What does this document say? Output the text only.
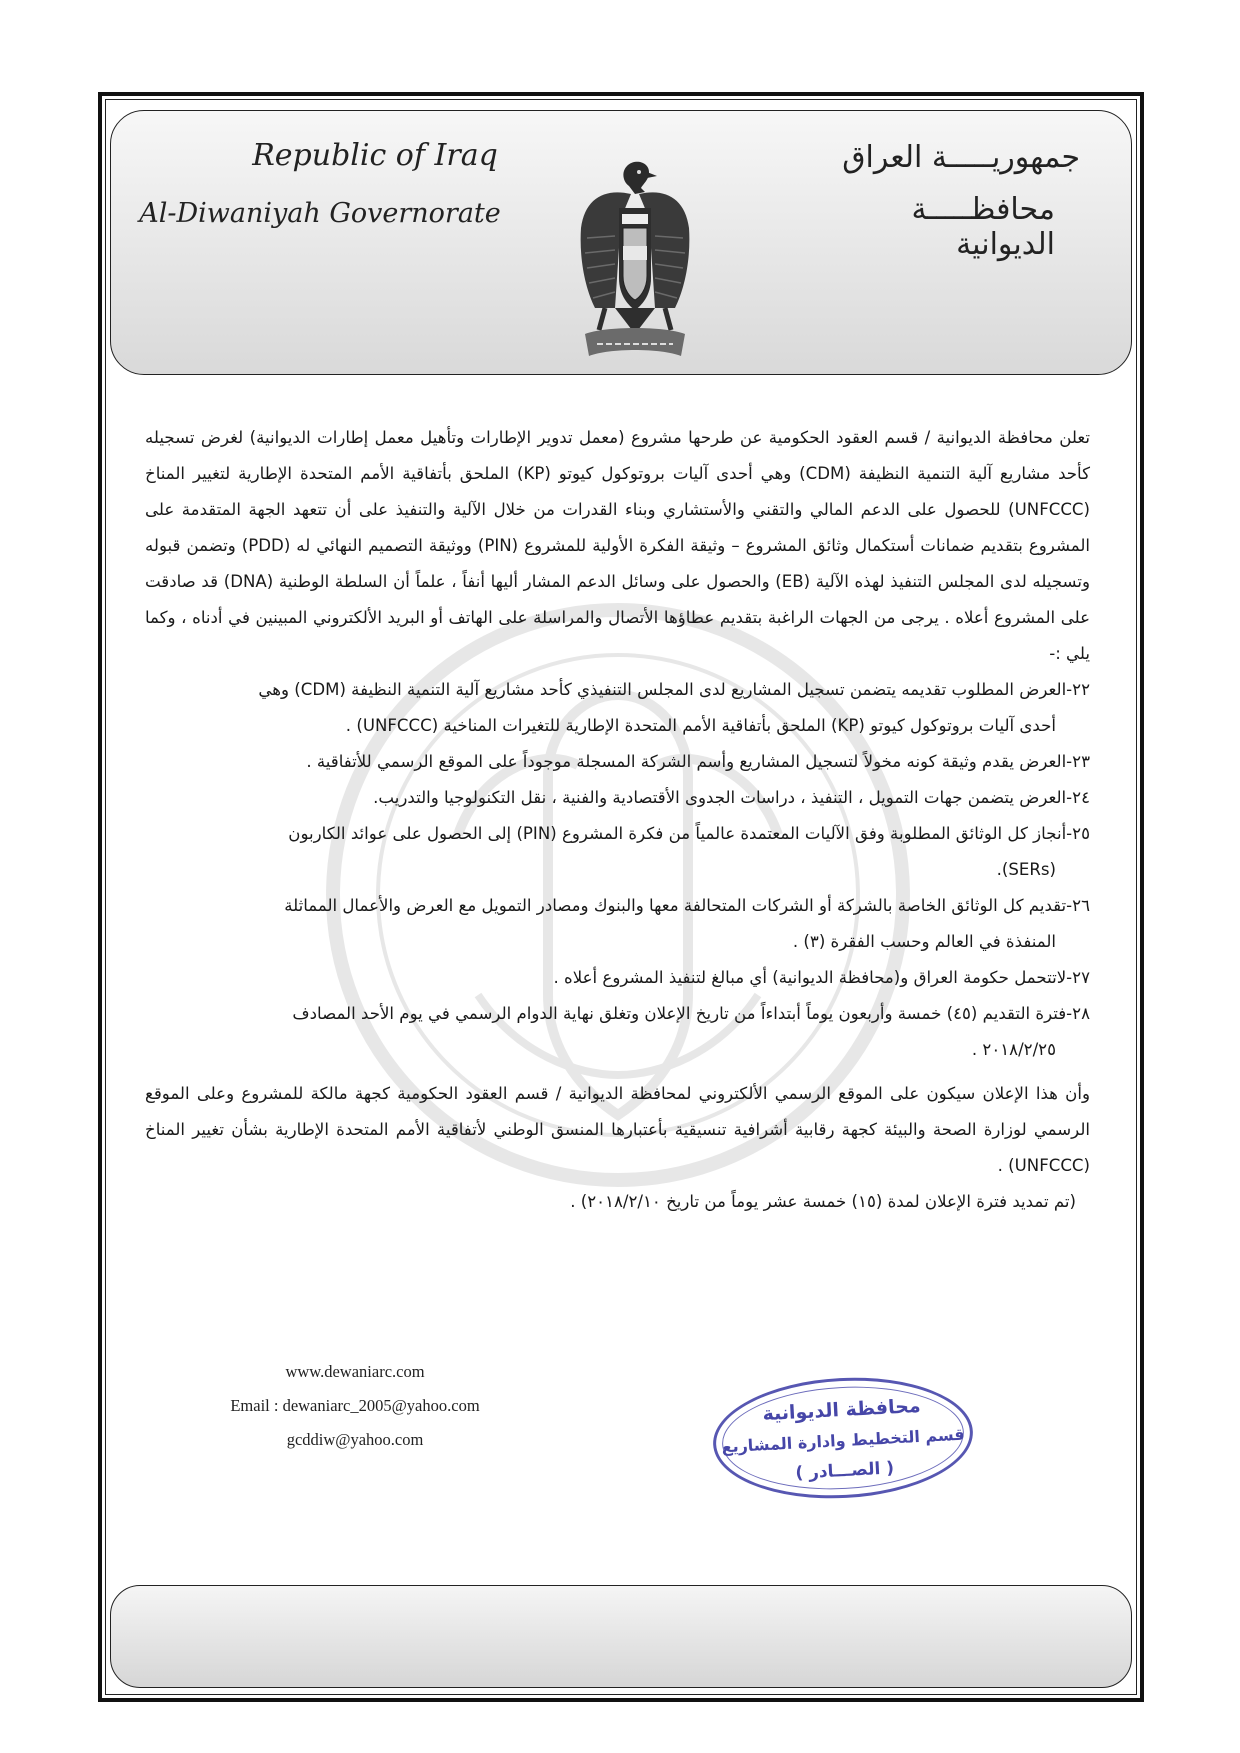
Republic of Iraq
Al-Diwaniyah Governorate
جمهوريـــــة العراق
محافظـــــة الديوانية

تعلن محافظة الديوانية / قسم العقود الحكومية عن طرحها مشروع (معمل تدوير الإطارات وتأهيل معمل إطارات الديوانية) لغرض تسجيله كأحد مشاريع آلية التنمية النظيفة (CDM) وهي أحدى آليات بروتوكول كيوتو (KP) الملحق بأتفاقية الأمم المتحدة الإطارية لتغيير المناخ (UNFCCC) للحصول على الدعم المالي والتقني والأستشاري وبناء القدرات من خلال الآلية والتنفيذ على أن تتعهد الجهة المتقدمة على المشروع بتقديم ضمانات أستكمال وثائق المشروع – وثيقة الفكرة الأولية للمشروع (PIN) ووثيقة التصميم النهائي له (PDD) وتضمن قبوله وتسجيله لدى المجلس التنفيذ لهذه الآلية (EB) والحصول على وسائل الدعم المشار أليها أنفاً ، علماً أن السلطة الوطنية (DNA) قد صادقت على المشروع أعلاه . يرجى من الجهات الراغبة بتقديم عطاؤها الأتصال والمراسلة على الهاتف أو البريد الألكتروني المبينين في أدناه ، وكما يلي :-

٢٢-العرض المطلوب تقديمه يتضمن تسجيل المشاريع لدى المجلس التنفيذي كأحد مشاريع آلية التنمية النظيفة (CDM) وهي

أحدى آليات بروتوكول كيوتو (KP) الملحق بأتفاقية الأمم المتحدة الإطارية للتغيرات المناخية (UNFCCC) .

٢٣-العرض يقدم وثيقة كونه مخولاً لتسجيل المشاريع وأسم الشركة المسجلة موجوداً على الموقع الرسمي للأتفاقية .

٢٤-العرض يتضمن جهات التمويل ، التنفيذ ، دراسات الجدوى الأقتصادية والفنية ، نقل التكنولوجيا والتدريب.

٢٥-أنجاز كل الوثائق المطلوبة وفق الآليات المعتمدة عالمياً من فكرة المشروع (PIN) إلى الحصول على عوائد الكاربون

(SERs).

٢٦-تقديم كل الوثائق الخاصة بالشركة أو الشركات المتحالفة معها والبنوك ومصادر التمويل مع العرض والأعمال المماثلة

المنفذة في العالم وحسب الفقرة (٣) .

٢٧-لاتتحمل حكومة العراق و(محافظة الديوانية) أي مبالغ لتنفيذ المشروع أعلاه .

٢٨-فترة التقديم (٤٥) خمسة وأربعون يوماً أبتداءاً من تاريخ الإعلان وتغلق نهاية الدوام الرسمي في يوم الأحد المصادف

٢٠١٨/٢/٢٥ .

وأن هذا الإعلان سيكون على الموقع الرسمي الألكتروني لمحافظة الديوانية / قسم العقود الحكومية كجهة مالكة للمشروع وعلى الموقع الرسمي لوزارة الصحة والبيئة كجهة رقابية أشرافية تنسيقية بأعتبارها المنسق الوطني لأتفاقية الأمم المتحدة الإطارية بشأن تغيير المناخ (UNFCCC) .

(تم تمديد فترة الإعلان لمدة (١٥) خمسة عشر يوماً من تاريخ ٢٠١٨/٢/١٠) .

www.dewaniarc.com
Email : dewaniarc_2005@yahoo.com
gcddiw@yahoo.com
محافظة الديوانية
قسم التخطيط وادارة المشاريع
( الصـــادر )
